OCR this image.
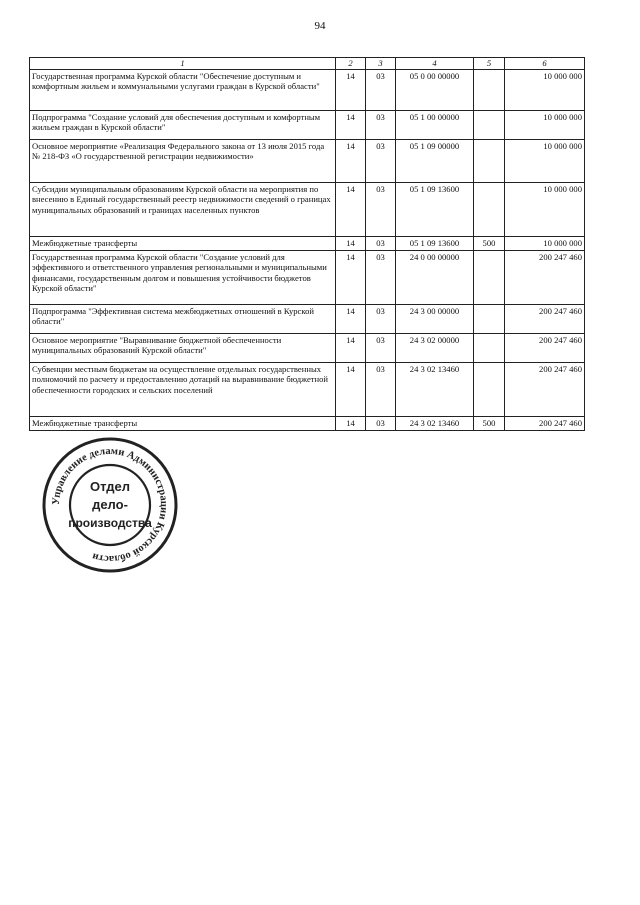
94
1	2	3	4	5	6
Государственная программа Курской области "Обеспечение доступным и комфортным жильем и коммунальными услугами граждан в Курской области"	14	03	05 0 00 00000		10 000 000
Подпрограмма "Создание условий для обеспечения доступным и комфортным жильем граждан в Курской области"	14	03	05 1 00 00000		10 000 000
Основное мероприятие «Реализация Федерального закона от 13 июля 2015 года № 218-ФЗ «О государственной регистрации недвижимости»	14	03	05 1 09 00000		10 000 000
Субсидии муниципальным образованиям Курской области на мероприятия по внесению в Единый государственный реестр недвижимости сведений о границах муниципальных образований и границах населенных пунктов	14	03	05 1 09 13600		10 000 000
Межбюджетные трансферты	14	03	05 1 09 13600	500	10 000 000
Государственная программа Курской области "Создание условий для эффективного и ответственного управления региональными и муниципальными финансами, государственным долгом и повышения устойчивости бюджетов Курской области"	14	03	24 0 00 00000		200 247 460
Подпрограмма "Эффективная система межбюджетных отношений в Курской области"	14	03	24 3 00 00000		200 247 460
Основное мероприятие "Выравнивание бюджетной обеспеченности муниципальных образований Курской области"	14	03	24 3 02 00000		200 247 460
Субвенции местным бюджетам на осуществление отдельных государственных полномочий по расчету и предоставлению дотаций на выравнивание бюджетной обеспеченности городских и сельских поселений	14	03	24 3 02 13460		200 247 460
Межбюджетные трансферты	14	03	24 3 02 13460	500	200 247 460
Управление делами Администрации Курской области
Отдел
дело-
производства
